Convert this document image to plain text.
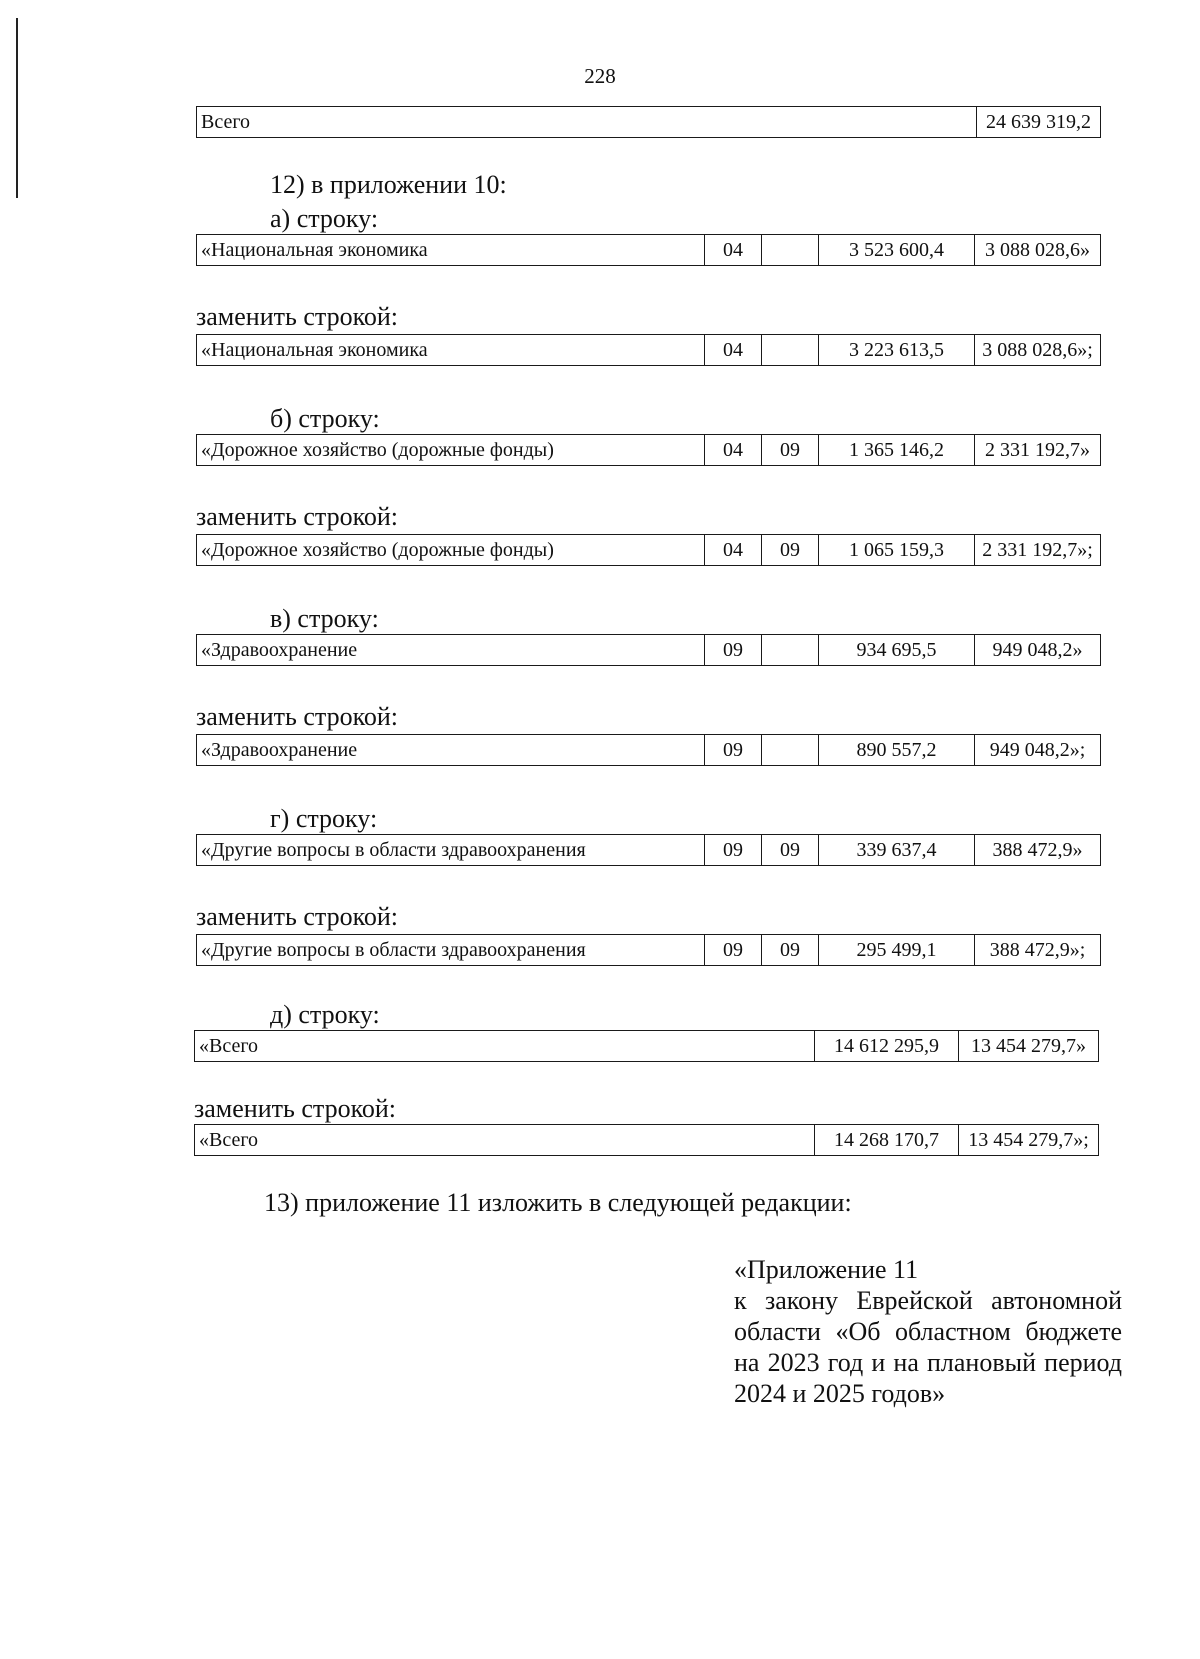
228
Всего	24 639 319,2
12) в приложении 10:
а) строку:
«Национальная экономика	04		3 523 600,4	3 088 028,6»
заменить строкой:
«Национальная экономика	04		3 223 613,5	3 088 028,6»;
б) строку:
«Дорожное хозяйство (дорожные фонды)	04	09	1 365 146,2	2 331 192,7»
заменить строкой:
«Дорожное хозяйство (дорожные фонды)	04	09	1 065 159,3	2 331 192,7»;
в) строку:
«Здравоохранение	09		934 695,5	949 048,2»
заменить строкой:
«Здравоохранение	09		890 557,2	949 048,2»;
г) строку:
«Другие вопросы в области здравоохранения	09	09	339 637,4	388 472,9»
заменить строкой:
«Другие вопросы в области здравоохранения	09	09	295 499,1	388 472,9»;
д) строку:
«Всего	14 612 295,9	13 454 279,7»
заменить строкой:
«Всего	14 268 170,7	13 454 279,7»;
13) приложение 11 изложить в следующей редакции:
«Приложение 11
к закону Еврейской автономной области «Об областном бюджете на 2023 год и на плановый период 2024 и 2025 годов»
